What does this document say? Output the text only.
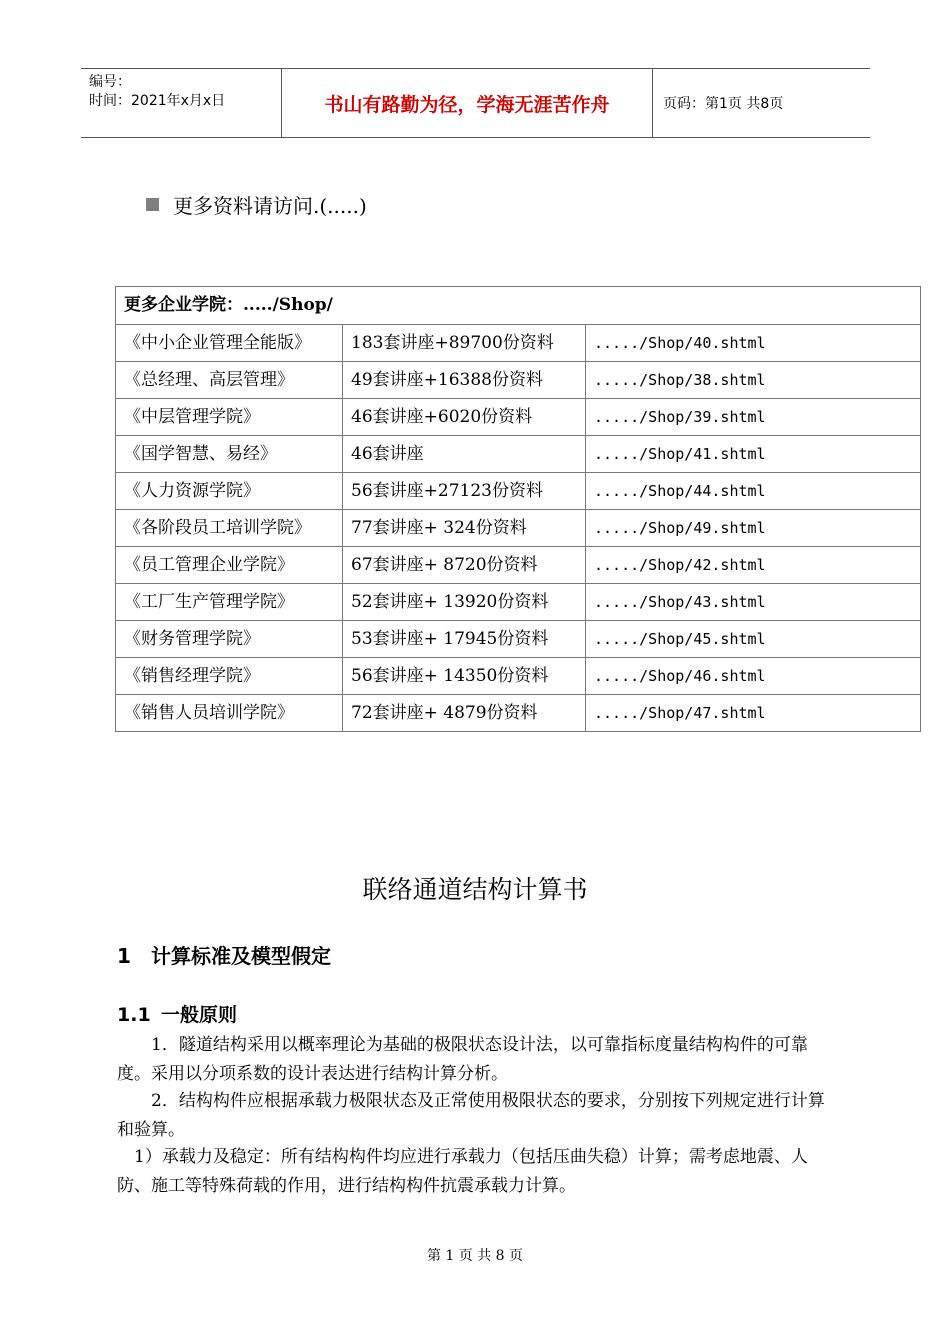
编号：
时间：2021年x月x日	书山有路勤为径，学海无涯苦作舟	页码：第1页 共8页
更多资料请访问.(.....)
更多企业学院：...../Shop/		
《中小企业管理全能版》	183套讲座+89700份资料	...../Shop/40.shtml
《总经理、高层管理》	49套讲座+16388份资料	...../Shop/38.shtml
《中层管理学院》	46套讲座+6020份资料	...../Shop/39.shtml
《国学智慧、易经》	46套讲座	...../Shop/41.shtml
《人力资源学院》	56套讲座+27123份资料	...../Shop/44.shtml
《各阶段员工培训学院》	77套讲座+ 324份资料	...../Shop/49.shtml
《员工管理企业学院》	67套讲座+ 8720份资料	...../Shop/42.shtml
《工厂生产管理学院》	52套讲座+ 13920份资料	...../Shop/43.shtml
《财务管理学院》	53套讲座+ 17945份资料	...../Shop/45.shtml
《销售经理学院》	56套讲座+ 14350份资料	...../Shop/46.shtml
《销售人员培训学院》	72套讲座+ 4879份资料	...../Shop/47.shtml
联络通道结构计算书
1 计算标准及模型假定
1.1 一般原则
1．隧道结构采用以概率理论为基础的极限状态设计法，以可靠指标度量结构构件的可靠度。采用以分项系数的设计表达进行结构计算分析。
2．结构构件应根据承载力极限状态及正常使用极限状态的要求，分别按下列规定进行计算和验算。
1）承载力及稳定：所有结构构件均应进行承载力（包括压曲失稳）计算；需考虑地震、人防、施工等特殊荷载的作用，进行结构构件抗震承载力计算。
第 1 页 共 8 页
